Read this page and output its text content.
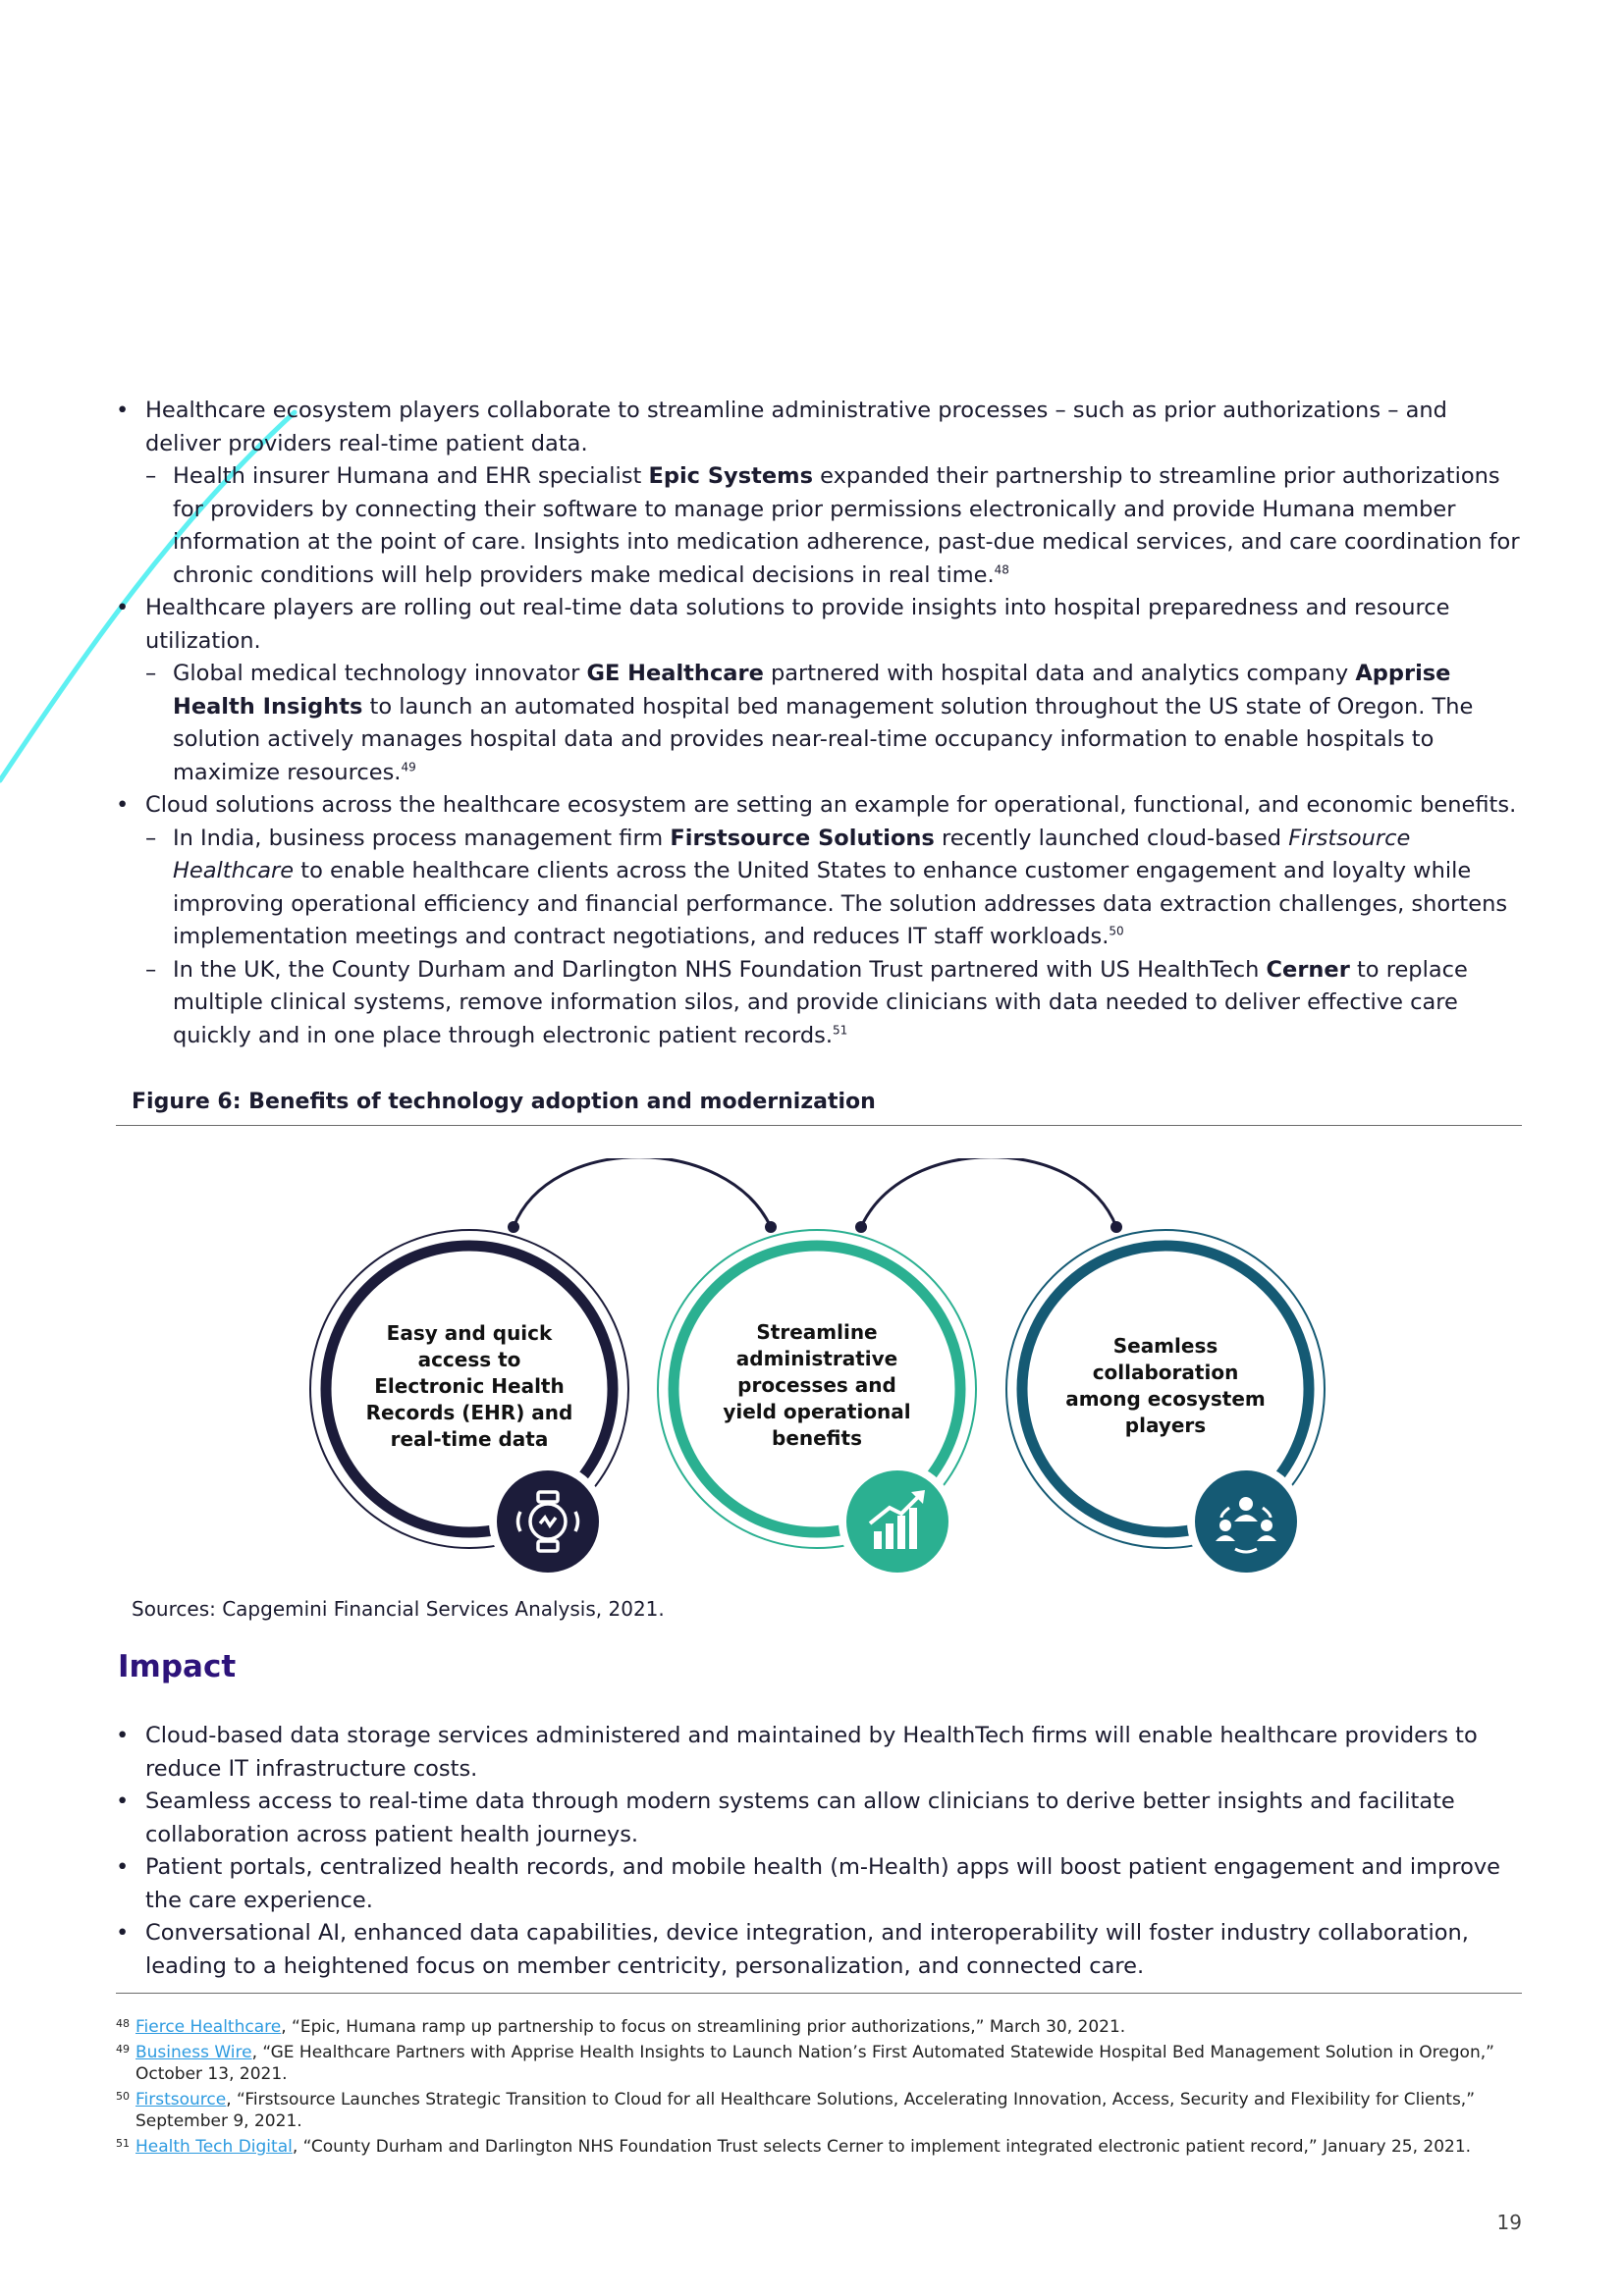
• Healthcare ecosystem players collaborate to streamline administrative processes – such as prior authorizations – and deliver providers real-time patient data.
– Health insurer Humana and EHR specialist Epic Systems expanded their partnership to streamline prior authorizations for providers by connecting their software to manage prior permissions electronically and provide Humana member information at the point of care. Insights into medication adherence, past-due medical services, and care coordination for chronic conditions will help providers make medical decisions in real time.$^{48}$
• Healthcare players are rolling out real-time data solutions to provide insights into hospital preparedness and resource utilization.
– Global medical technology innovator GE Healthcare partnered with hospital data and analytics company Apprise Health Insights to launch an automated hospital bed management solution throughout the US state of Oregon. The solution actively manages hospital data and provides near-real-time occupancy information to enable hospitals to maximize resources.$^{49}$
• Cloud solutions across the healthcare ecosystem are setting an example for operational, functional, and economic benefits.
– In India, business process management firm Firstsource Solutions recently launched cloud-based Firstsource Healthcare to enable healthcare clients across the United States to enhance customer engagement and loyalty while improving operational efficiency and financial performance. The solution addresses data extraction challenges, shortens implementation meetings and contract negotiations, and reduces IT staff workloads.$^{50}$
– In the UK, the County Durham and Darlington NHS Foundation Trust partnered with US HealthTech Cerner to replace multiple clinical systems, remove information silos, and provide clinicians with data needed to deliver effective care quickly and in one place through electronic patient records.$^{51}$
Figure 6: Benefits of technology adoption and modernization
Easy and quick access to Electronic Health Records (EHR) and real-time data
Streamline administrative processes and yield operational benefits
Seamless collaboration among ecosystem players
Sources: Capgemini Financial Services Analysis, 2021.
Impact
• Cloud-based data storage services administered and maintained by HealthTech firms will enable healthcare providers to reduce IT infrastructure costs.
• Seamless access to real-time data through modern systems can allow clinicians to derive better insights and facilitate collaboration across patient health journeys.
• Patient portals, centralized health records, and mobile health (m-Health) apps will boost patient engagement and improve the care experience.
• Conversational AI, enhanced data capabilities, device integration, and interoperability will foster industry collaboration, leading to a heightened focus on member centricity, personalization, and connected care.
48 Fierce Healthcare, “Epic, Humana ramp up partnership to focus on streamlining prior authorizations,” March 30, 2021.
49 Business Wire, “GE Healthcare Partners with Apprise Health Insights to Launch Nation’s First Automated Statewide Hospital Bed Management Solution in Oregon,” October 13, 2021.
50 Firstsource, “Firstsource Launches Strategic Transition to Cloud for all Healthcare Solutions, Accelerating Innovation, Access, Security and Flexibility for Clients,” September 9, 2021.
51 Health Tech Digital, “County Durham and Darlington NHS Foundation Trust selects Cerner to implement integrated electronic patient record,” January 25, 2021.
19
